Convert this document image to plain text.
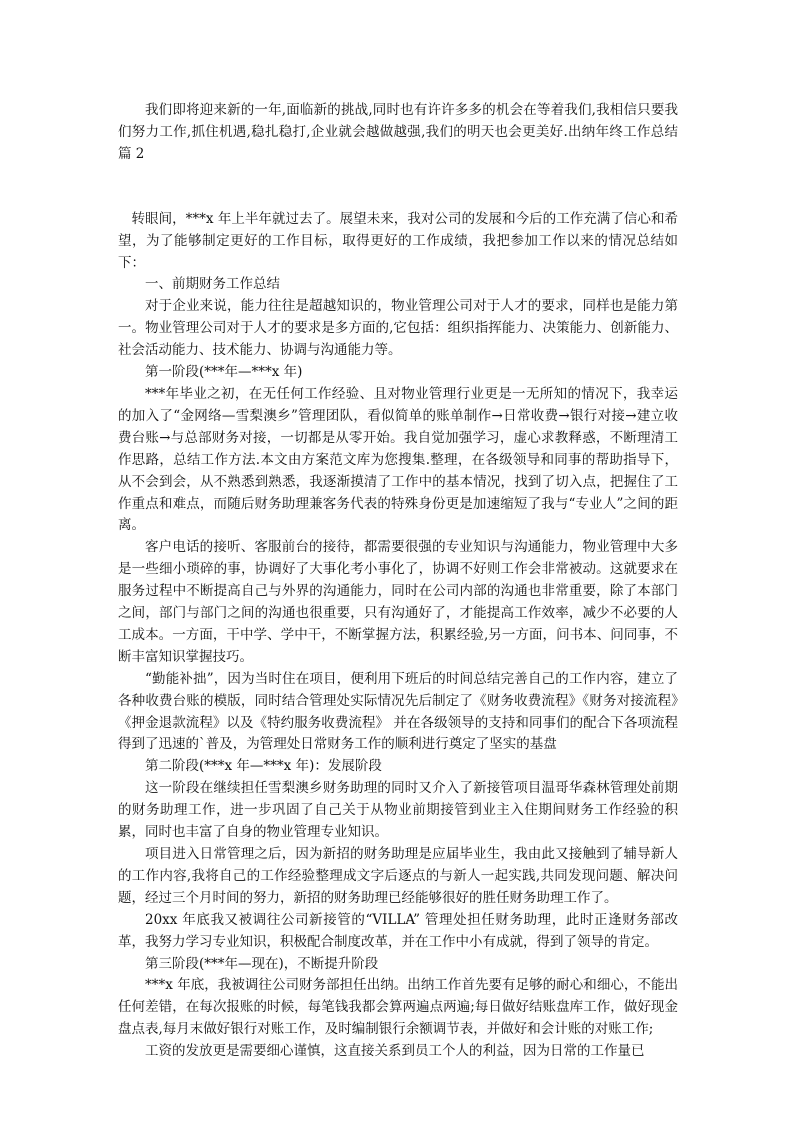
我们即将迎来新的一年,面临新的挑战,同时也有许许多多的机会在等着我们,我相信只要我们努力工作,抓住机遇,稳扎稳打,企业就会越做越强,我们的明天也会更美好.出纳年终工作总结 篇 2

转眼间，***x 年上半年就过去了。展望未来，我对公司的发展和今后的工作充满了信心和希望，为了能够制定更好的工作目标，取得更好的工作成绩，我把参加工作以来的情况总结如下：

一、前期财务工作总结

对于企业来说，能力往往是超越知识的，物业管理公司对于人才的要求，同样也是能力第一。物业管理公司对于人才的要求是多方面的,它包括：组织指挥能力、决策能力、创新能力、社会活动能力、技术能力、协调与沟通能力等。

第一阶段(***年—***x 年)

***年毕业之初，在无任何工作经验、且对物业管理行业更是一无所知的情况下，我幸运的加入了“金网络—雪梨澳乡”管理团队，看似简单的账单制作→日常收费→银行对接→建立收费台账→与总部财务对接，一切都是从零开始。我自觉加强学习，虚心求教释惑，不断理清工作思路，总结工作方法.本文由方案范文库为您搜集.整理，在各级领导和同事的帮助指导下，从不会到会，从不熟悉到熟悉，我逐渐摸清了工作中的基本情况，找到了切入点，把握住了工作重点和难点，而随后财务助理兼客务代表的特殊身份更是加速缩短了我与“专业人”之间的距离。

客户电话的接听、客服前台的接待，都需要很强的专业知识与沟通能力，物业管理中大多是一些细小琐碎的事，协调好了大事化考小事化了，协调不好则工作会非常被动。这就要求在服务过程中不断提高自己与外界的沟通能力，同时在公司内部的沟通也非常重要，除了本部门之间，部门与部门之间的沟通也很重要，只有沟通好了，才能提高工作效率，减少不必要的人工成本。一方面，干中学、学中干，不断掌握方法，积累经验,另一方面，问书本、问同事，不断丰富知识掌握技巧。

“勤能补拙”，因为当时住在项目，便利用下班后的时间总结完善自己的工作内容，建立了各种收费台账的模版，同时结合管理处实际情况先后制定了《财务收费流程》《财务对接流程》《押金退款流程》以及《特约服务收费流程》 并在各级领导的支持和同事们的配合下各项流程得到了迅速的`普及，为管理处日常财务工作的顺利进行奠定了坚实的基盘

第二阶段(***x 年—***x 年)：发展阶段

这一阶段在继续担任雪梨澳乡财务助理的同时又介入了新接管项目温哥华森林管理处前期的财务助理工作，进一步巩固了自己关于从物业前期接管到业主入住期间财务工作经验的积累，同时也丰富了自身的物业管理专业知识。

项目进入日常管理之后，因为新招的财务助理是应届毕业生，我由此又接触到了辅导新人的工作内容,我将自己的工作经验整理成文字后逐点的与新人一起实践,共同发现问题、解决问题，经过三个月时间的努力，新招的财务助理已经能够很好的胜任财务助理工作了。

20xx 年底我又被调往公司新接管的“VILLA” 管理处担任财务助理，此时正逢财务部改革，我努力学习专业知识，积极配合制度改革，并在工作中小有成就，得到了领导的肯定。

第三阶段(***年—现在)，不断提升阶段

***x 年底，我被调往公司财务部担任出纳。出纳工作首先要有足够的耐心和细心，不能出任何差错，在每次报账的时候，每笔钱我都会算两遍点两遍;每日做好结账盘库工作，做好现金盘点表,每月末做好银行对账工作，及时编制银行余额调节表，并做好和会计账的对账工作;

工资的发放更是需要细心谨慎，这直接关系到员工个人的利益，因为日常的工作量已
